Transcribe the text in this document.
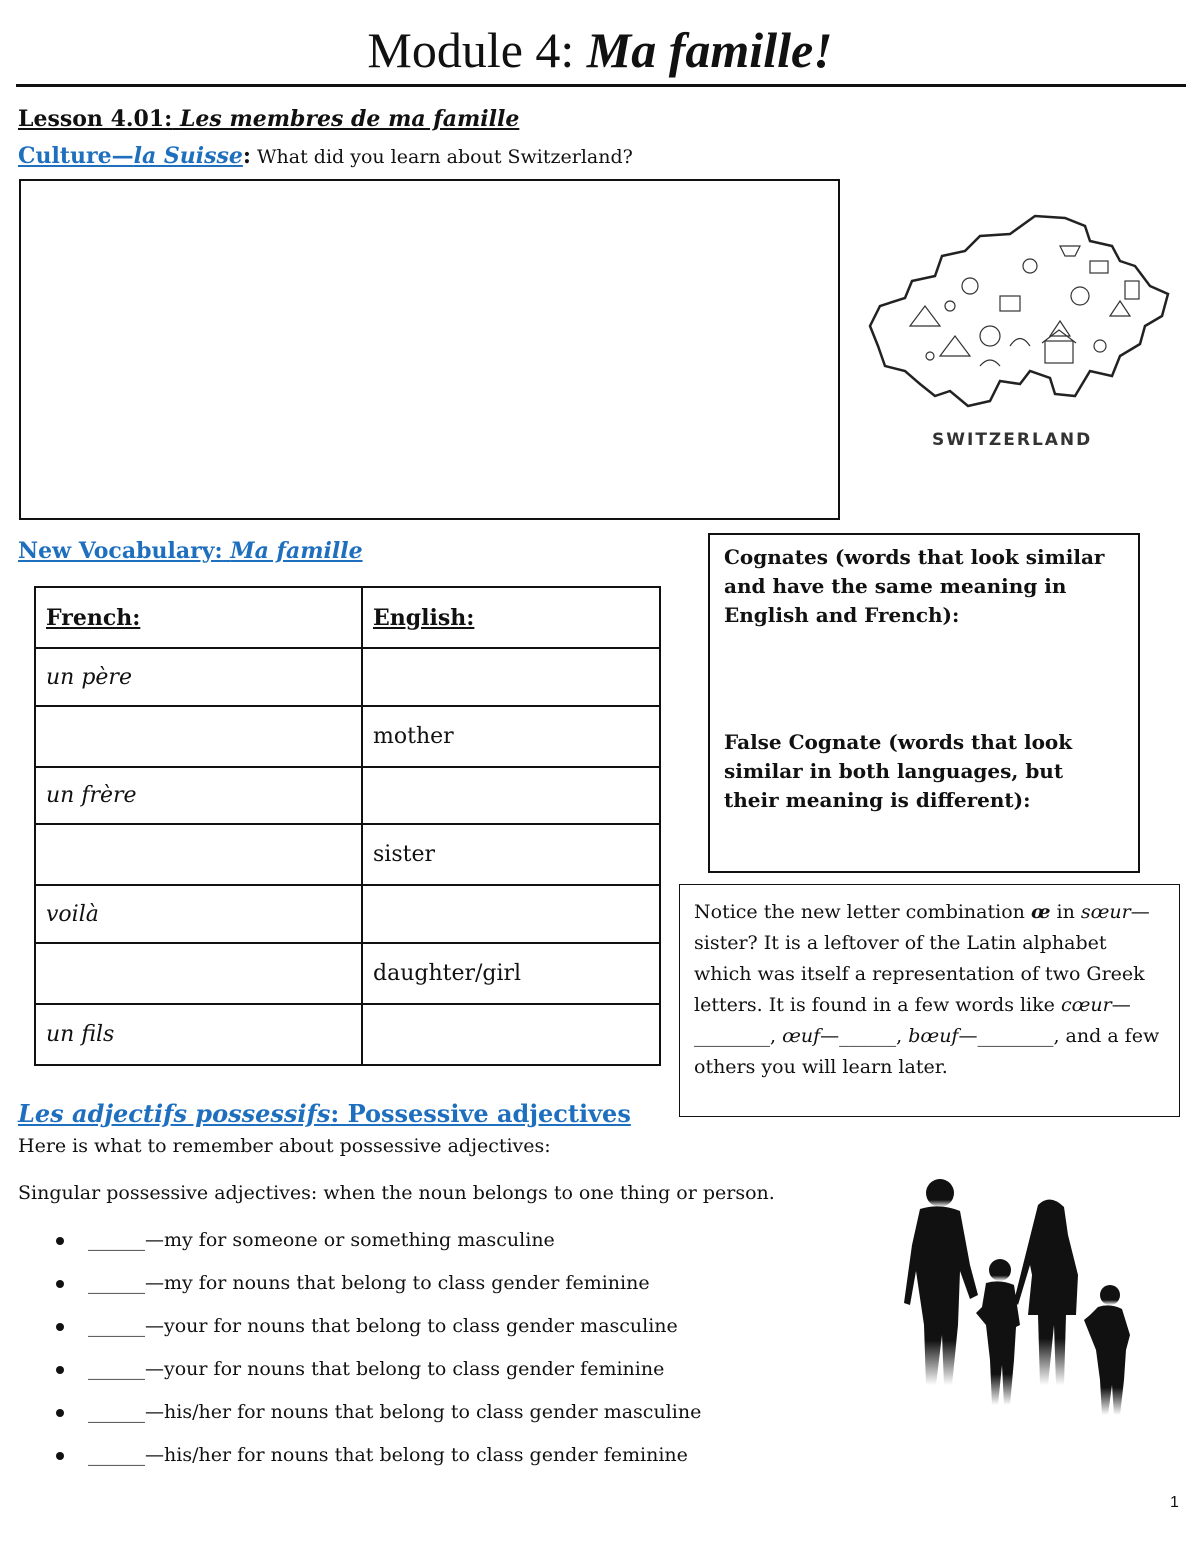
Module 4: Ma famille!
Lesson 4.01: Les membres de ma famille
Culture—la Suisse: What did you learn about Switzerland?
SWITZERLAND
New Vocabulary: Ma famille
French:	English:
un père	
	mother
un frère	
	sister
voilà	
	daughter/girl
un fils	
Cognates (words that look similar and have the same meaning in English and French):
False Cognate (words that look similar in both languages, but their meaning is different):
Notice the new letter combination œ in sœur—sister? It is a leftover of the Latin alphabet which was itself a representation of two Greek letters. It is found in a few words like cœur—________, œuf—______, bœuf—________, and a few others you will learn later.
Les adjectifs possessifs: Possessive adjectives
Here is what to remember about possessive adjectives:
Singular possessive adjectives: when the noun belongs to one thing or person.
______—my for someone or something masculine
______—my for nouns that belong to class gender feminine
______—your for nouns that belong to class gender masculine
______—your for nouns that belong to class gender feminine
______—his/her for nouns that belong to class gender masculine
______—his/her for nouns that belong to class gender feminine
1
